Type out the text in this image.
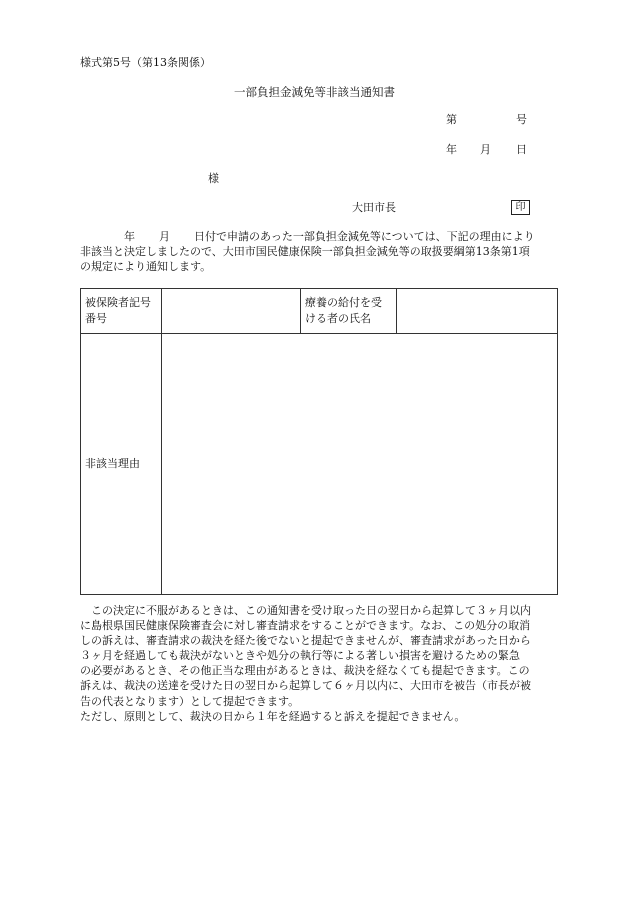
様式第5号（第13条関係）
一部負担金減免等非該当通知書
第	号
年 月 日
様
大田市長	印
年 月 日付で申請のあった一部負担金減免等については、下記の理由により
非該当と決定しましたので、大田市国民健康保険一部負担金減免等の取扱要綱第13条第1項
の規定により通知します。
被保険者記号
番号		療養の給付を受
ける者の氏名	
非該当理由			
　この決定に不服があるときは、この通知書を受け取った日の翌日から起算して３ヶ月以内
に島根県国民健康保険審査会に対し審査請求をすることができます。なお、この処分の取消
しの訴えは、審査請求の裁決を経た後でないと提起できませんが、審査請求があった日から
３ヶ月を経過しても裁決がないときや処分の執行等による著しい損害を避けるための緊急
の必要があるとき、その他正当な理由があるときは、裁決を経なくても提起できます。この
訴えは、裁決の送達を受けた日の翌日から起算して６ヶ月以内に、大田市を被告（市長が被
告の代表となります）として提起できます。
ただし、原則として、裁決の日から１年を経過すると訴えを提起できません。
